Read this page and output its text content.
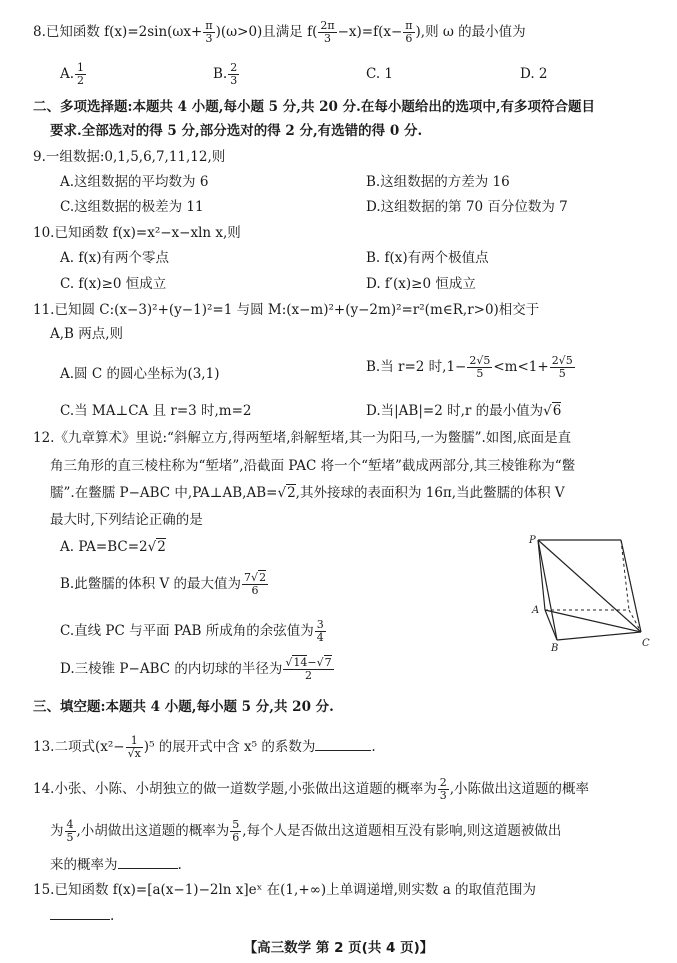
8.已知函数 $f(x)=2\sin(\omega x+ \frac{\pi}{3} )(\omega>0)$且满足 $f( \frac{2\pi}{3} -x)=f(x- \frac{\pi}{6}$ ),则 ω 的最小值为
A. $\frac{1}{2}$	B. $\frac{2}{3}$	C. 1	D. 2
二、多项选择题:本题共 4 小题,每小题 5 分,共 20 分.在每小题给出的选项中,有多项符合题目
要求.全部选对的得 5 分,部分选对的得 2 分,有选错的得 0 分.
9.一组数据:0,1,5,6,7,11,12,则
A.这组数据的平均数为 6	B.这组数据的方差为 16
C.这组数据的极差为 11	D.这组数据的第 70 百分位数为 7
10.已知函数 f(x)=x²−x−xln x,则
A. f(x)有两个零点	B. f(x)有两个极值点
C. f(x)≥0 恒成立	D. f′(x)≥0 恒成立
11.已知圆 C:(x−3)²+(y−1)²=1 与圆 M:(x−m)²+(y−2m)²=r²(m∈R,r>0)相交于
A,B 两点,则
A.圆 C 的圆心坐标为(3,1)	B.当 r=2 时$,1- \frac{2√5}{5} <m<1+ \frac{2√5}{5}$
C.当 MA⊥CA 且 r=3 时,m=2	D.当|AB|=2 时,r 的最小值为√6
12.《九章算术》里说:“斜解立方,得两堑堵,斜解堑堵,其一为阳马,一为鳖臑”.如图,底面是直
角三角形的直三棱柱称为“堑堵”,沿截面 PAC 将一个“堑堵”截成两部分,其三棱锥称为“鳖
臑”.在鳖臑 P−ABC 中,PA⊥AB,AB=√2,其外接球的表面积为 16π,当此鳖臑的体积 V
最大时,下列结论正确的是
A. PA=BC=2√2
B.此鳖臑的体积 V 的最大值为 $\frac{7√2}{6}$
C.直线 PC 与平面 PAB 所成角的余弦值为 $\frac{3}{4}$
D.三棱锥 P−ABC 的内切球的半径为 $\frac{√14-√7}{2}$
P
A
B	C
三、填空题:本题共 4 小题,每小题 5 分,共 20 分.
13.二项式$(x^2- \frac{1}{√x} )^5$ 的展开式中含 x⁵ 的系数为	.
14.小张、小陈、小胡独立的做一道数学题,小张做出这道题的概率为 $\frac{2}{3}$ ,小陈做出这道题的概率
为 $\frac{4}{5}$ ,小胡做出这道题的概率为 $\frac{5}{6}$ ,每个人是否做出这道题相互没有影响,则这道题被做出
来的概率为	.
15.已知函数 f(x)=[a(x−1)−2ln x]eˣ 在(1,+∞)上单调递增,则实数 a 的取值范围为
.
【高三数学 第 2 页(共 4 页)】
